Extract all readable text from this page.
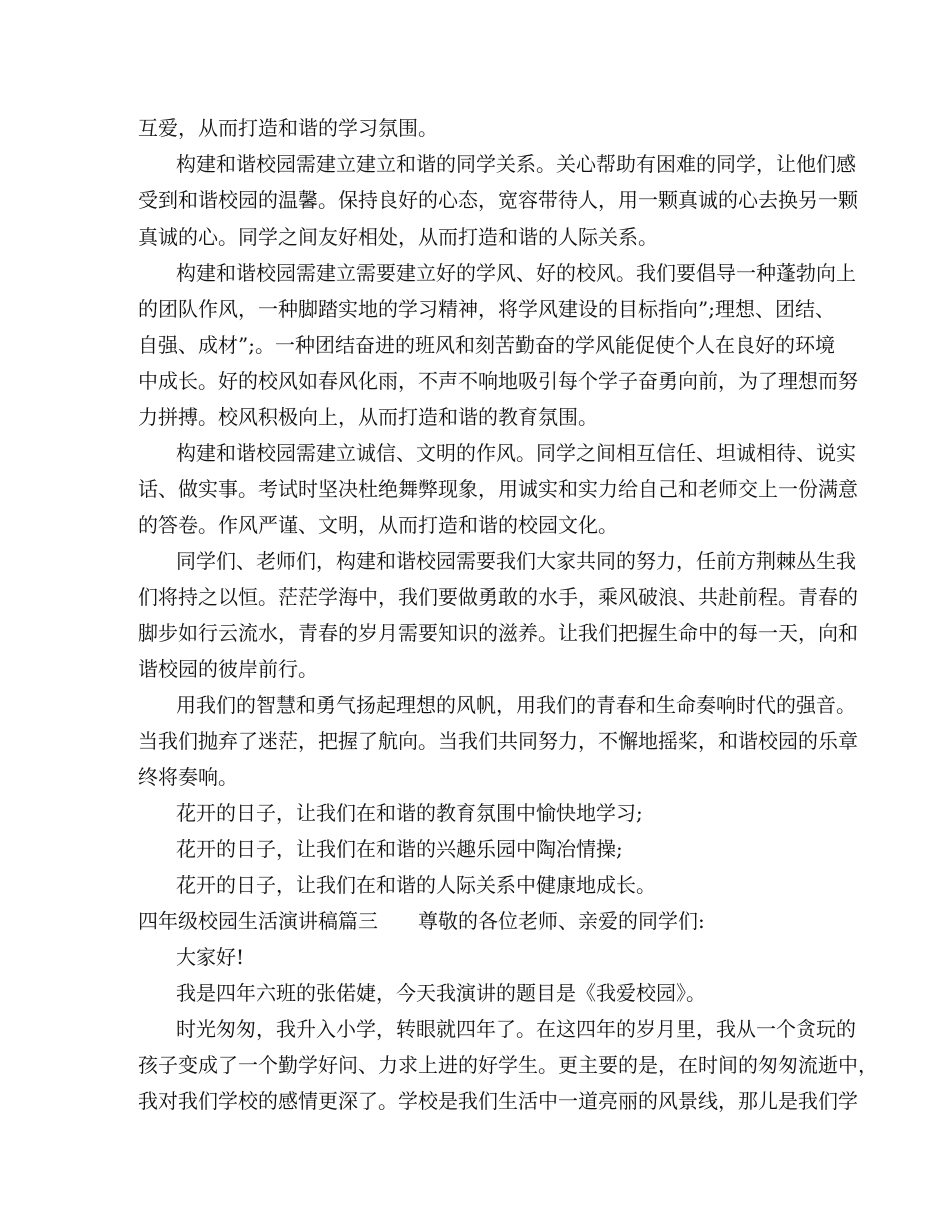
互爱，从而打造和谐的学习氛围。
构建和谐校园需建立建立和谐的同学关系。关心帮助有困难的同学，让他们感
受到和谐校园的温馨。保持良好的心态，宽容带待人，用一颗真诚的心去换另一颗
真诚的心。同学之间友好相处，从而打造和谐的人际关系。
构建和谐校园需建立需要建立好的学风、好的校风。我们要倡导一种蓬勃向上
的团队作风，一种脚踏实地的学习精神，将学风建设的目标指向”;理想、团结、
自强、成材”;。一种团结奋进的班风和刻苦勤奋的学风能促使个人在良好的环境
中成长。好的校风如春风化雨，不声不响地吸引每个学子奋勇向前，为了理想而努
力拼搏。校风积极向上，从而打造和谐的教育氛围。
构建和谐校园需建立诚信、文明的作风。同学之间相互信任、坦诚相待、说实
话、做实事。考试时坚决杜绝舞弊现象，用诚实和实力给自己和老师交上一份满意
的答卷。作风严谨、文明，从而打造和谐的校园文化。
同学们、老师们，构建和谐校园需要我们大家共同的努力，任前方荆棘丛生我
们将持之以恒。茫茫学海中，我们要做勇敢的水手，乘风破浪、共赴前程。青春的
脚步如行云流水，青春的岁月需要知识的滋养。让我们把握生命中的每一天，向和
谐校园的彼岸前行。
用我们的智慧和勇气扬起理想的风帆，用我们的青春和生命奏响时代的强音。
当我们抛弃了迷茫，把握了航向。当我们共同努力，不懈地摇桨，和谐校园的乐章
终将奏响。
花开的日子，让我们在和谐的教育氛围中愉快地学习;
花开的日子，让我们在和谐的兴趣乐园中陶冶情操;
花开的日子，让我们在和谐的人际关系中健康地成长。
四年级校园生活演讲稿篇三　　尊敬的各位老师、亲爱的同学们:
大家好!
我是四年六班的张偌婕，今天我演讲的题目是《我爱校园》。
时光匆匆，我升入小学，转眼就四年了。在这四年的岁月里，我从一个贪玩的
孩子变成了一个勤学好问、力求上进的好学生。更主要的是，在时间的匆匆流逝中，
我对我们学校的感情更深了。学校是我们生活中一道亮丽的风景线，那儿是我们学
